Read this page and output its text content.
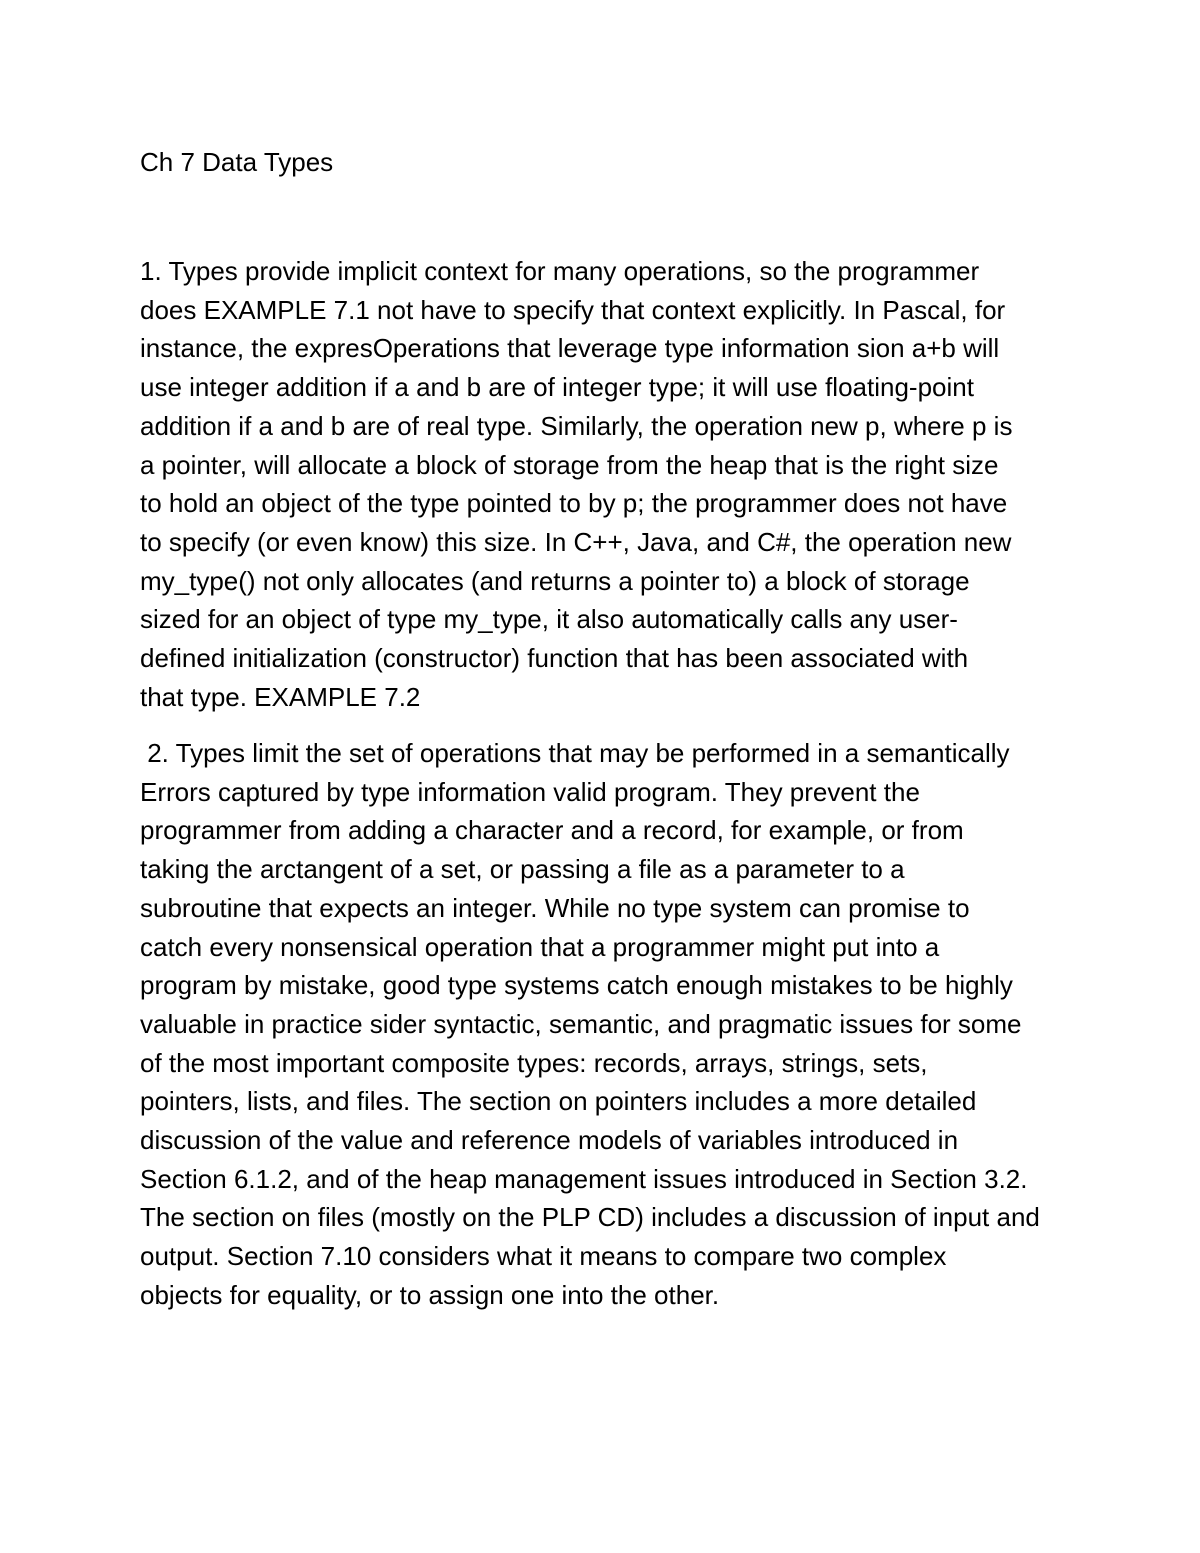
Ch 7 Data Types

1. Types provide implicit context for many operations, so the programmer
does EXAMPLE 7.1 not have to specify that context explicitly. In Pascal, for
instance, the expresOperations that leverage type information sion a+b will
use integer addition if a and b are of integer type; it will use floating-point
addition if a and b are of real type. Similarly, the operation new p, where p is
a pointer, will allocate a block of storage from the heap that is the right size
to hold an object of the type pointed to by p; the programmer does not have
to specify (or even know) this size. In C++, Java, and C#, the operation new
my_type() not only allocates (and returns a pointer to) a block of storage
sized for an object of type my_type, it also automatically calls any user-
defined initialization (constructor) function that has been associated with
that type. EXAMPLE 7.2

2. Types limit the set of operations that may be performed in a semantically
Errors captured by type information valid program. They prevent the
programmer from adding a character and a record, for example, or from
taking the arctangent of a set, or passing a file as a parameter to a
subroutine that expects an integer. While no type system can promise to
catch every nonsensical operation that a programmer might put into a
program by mistake, good type systems catch enough mistakes to be highly
valuable in practice sider syntactic, semantic, and pragmatic issues for some
of the most important composite types: records, arrays, strings, sets,
pointers, lists, and files. The section on pointers includes a more detailed
discussion of the value and reference models of variables introduced in
Section 6.1.2, and of the heap management issues introduced in Section 3.2.
The section on files (mostly on the PLP CD) includes a discussion of input and
output. Section 7.10 considers what it means to compare two complex
objects for equality, or to assign one into the other.
